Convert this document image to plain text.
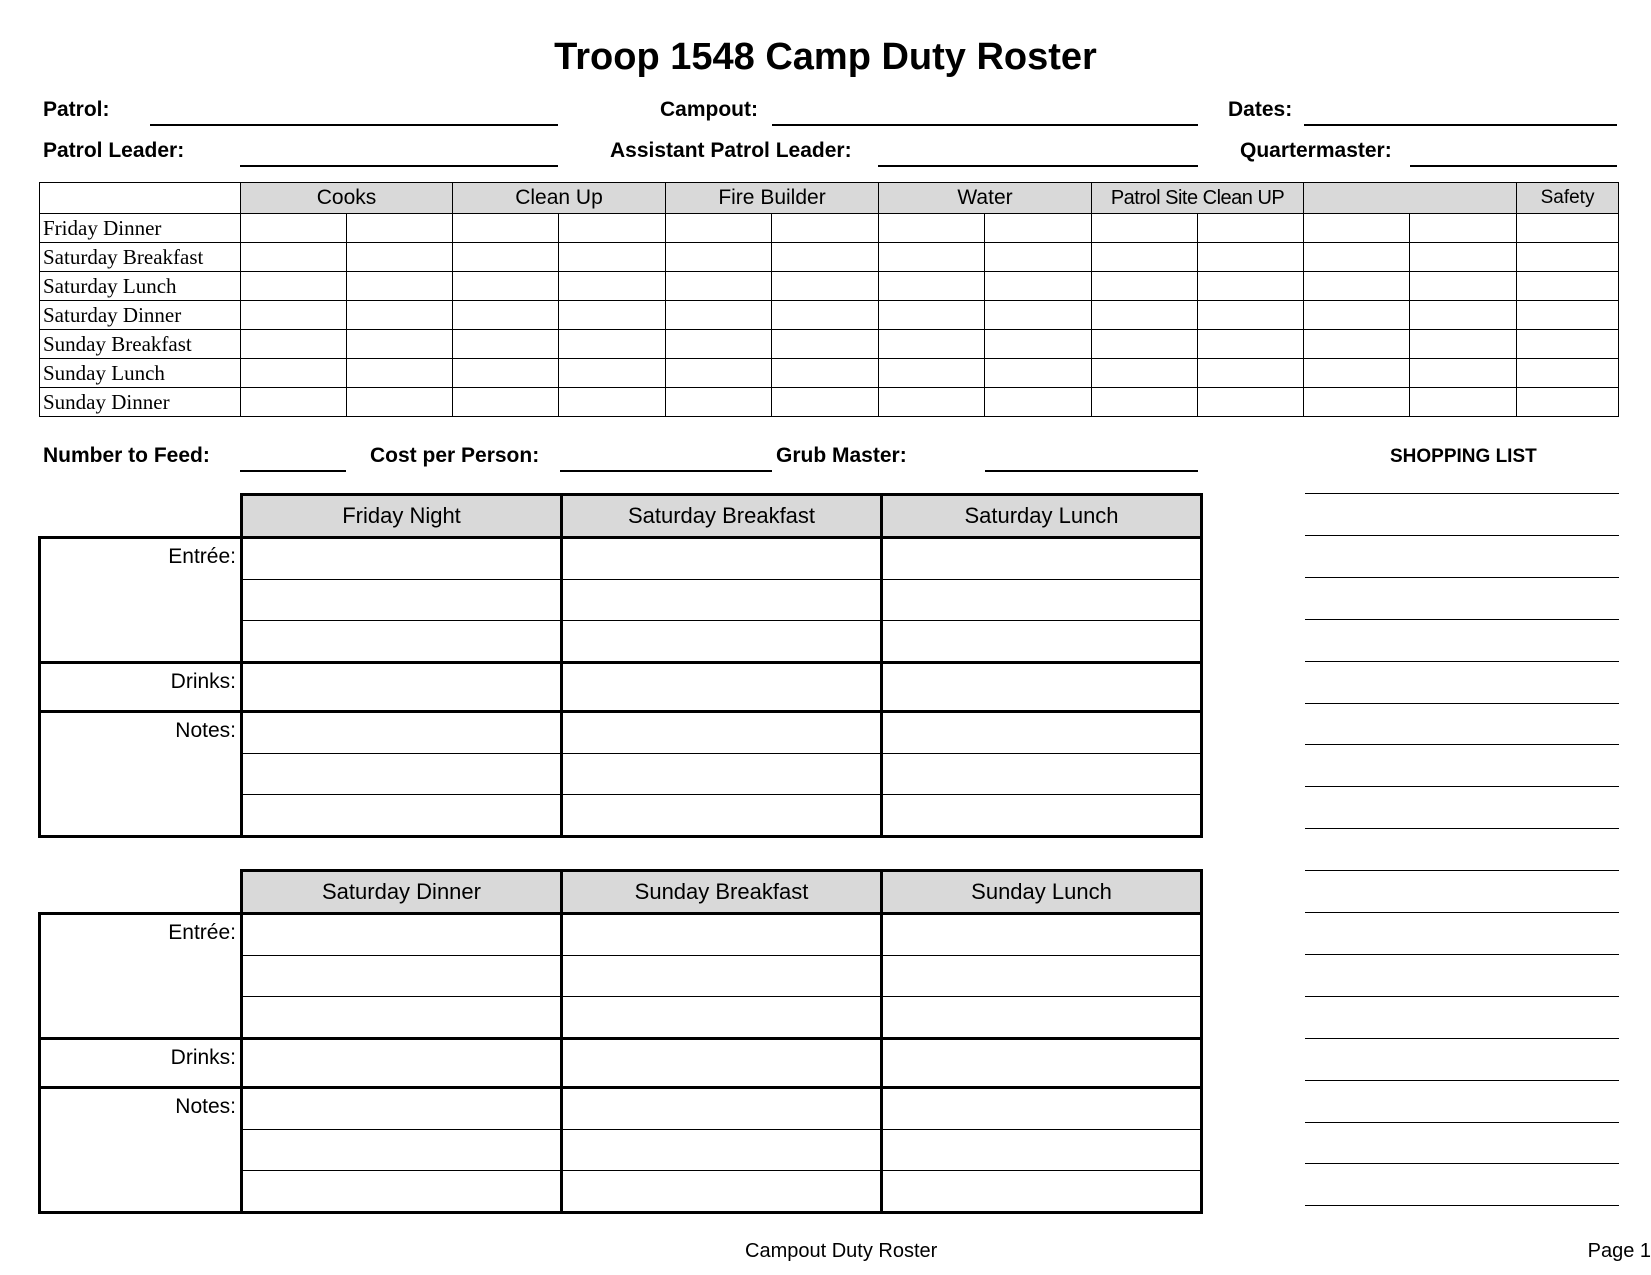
Troop 1548 Camp Duty Roster
Patrol:	Campout:	Dates:
Patrol Leader:	Assistant Patrol Leader:	Quartermaster:
	Cooks		Clean Up		Fire Builder		Water		Patrol Site Clean UP				Safety
Friday Dinner													
Saturday Breakfast													
Saturday Lunch													
Saturday Dinner													
Sunday Breakfast													
Sunday Lunch													
Sunday Dinner													
Number to Feed:	Cost per Person:	Grub Master:	SHOPPING LIST
	Friday Night	Saturday Breakfast	Saturday Lunch
Entrée:			

Drinks:			
Notes:			

	Saturday Dinner	Sunday Breakfast	Sunday Lunch
Entrée:			

Drinks:			
Notes:			

Campout Duty Roster	Page 1
